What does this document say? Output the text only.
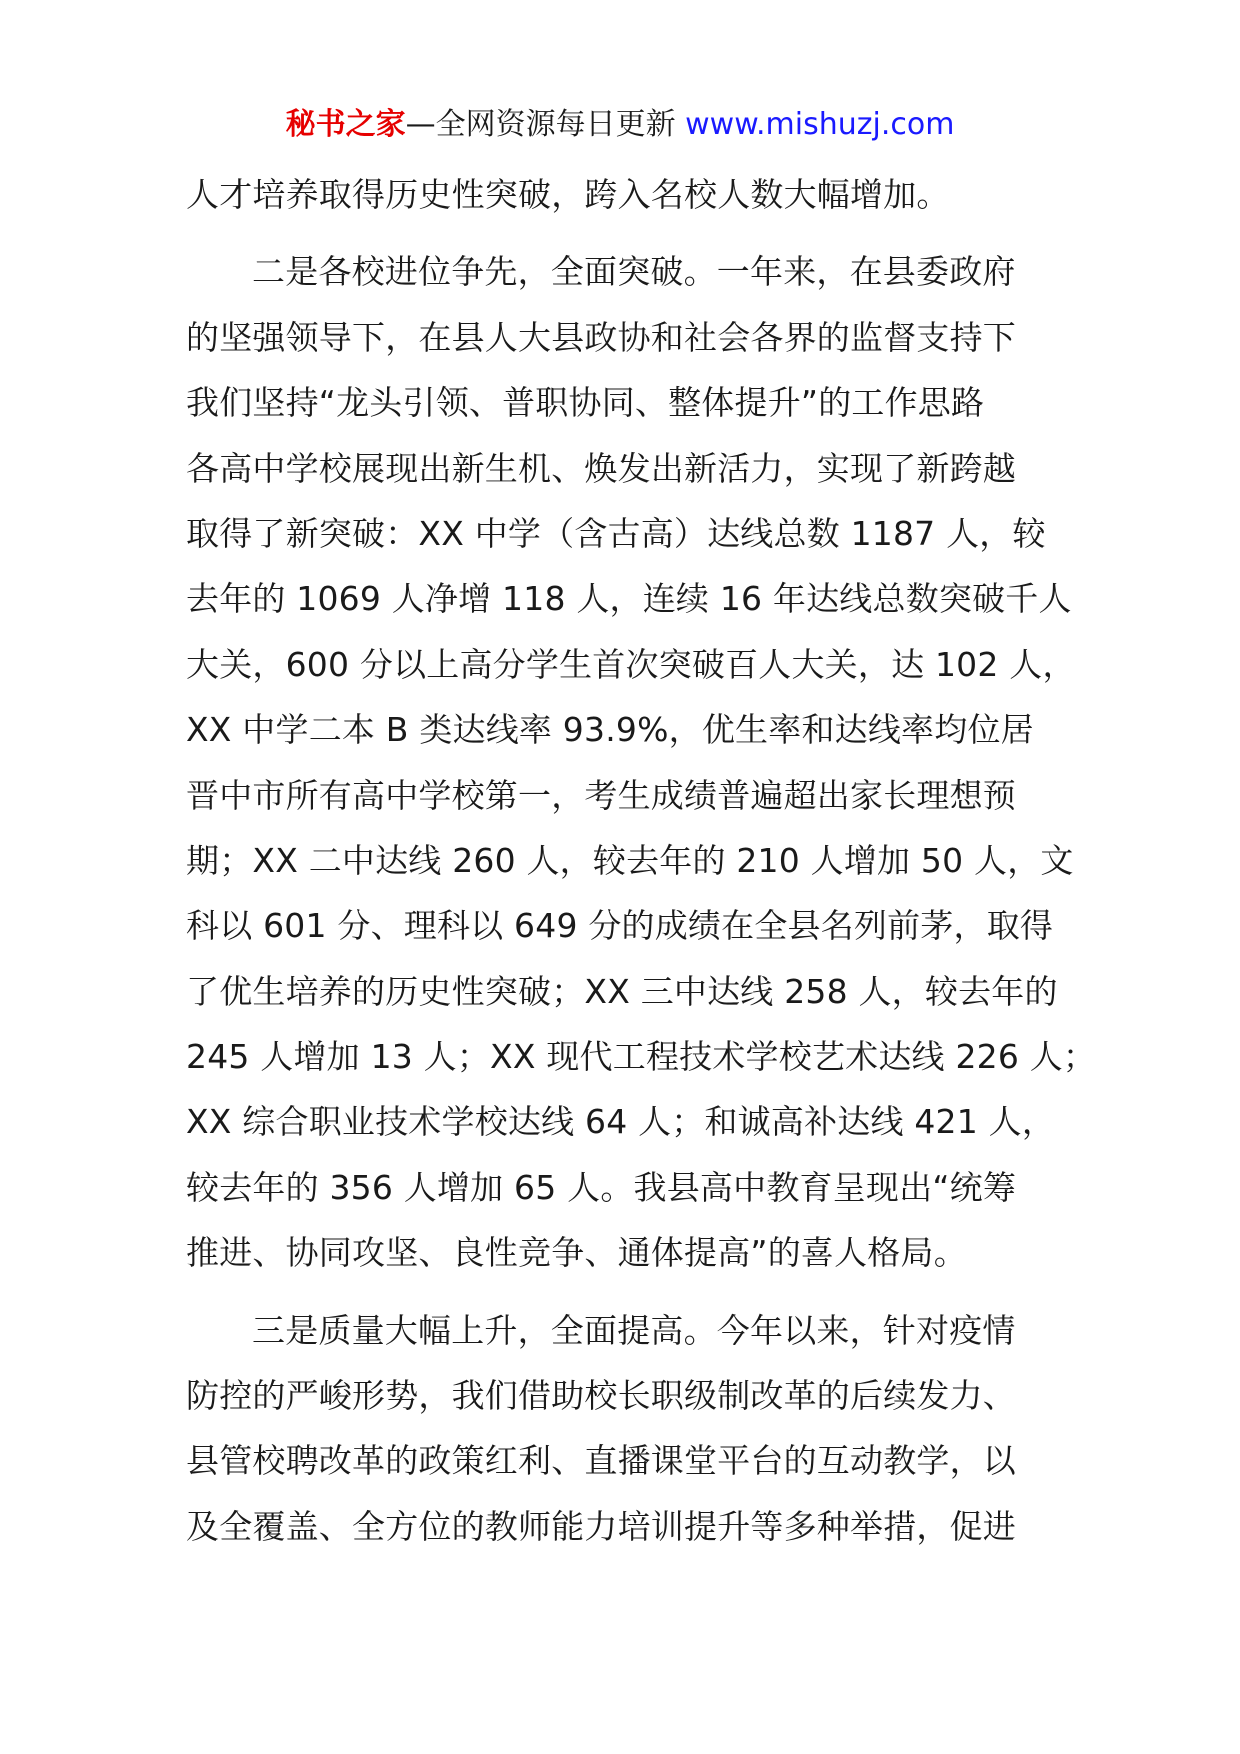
秘书之家—全网资源每日更新 www.mishuzj.com
人才培养取得历史性突破，跨入名校人数大幅增加。
二是各校进位争先，全面突破。一年来，在县委政府
的坚强领导下，在县人大县政协和社会各界的监督支持下
我们坚持“龙头引领、普职协同、整体提升”的工作思路
各高中学校展现出新生机、焕发出新活力，实现了新跨越
取得了新突破：XX 中学（含古高）达线总数 1187 人，较
去年的 1069 人净增 118 人，连续 16 年达线总数突破千人
大关，600 分以上高分学生首次突破百人大关，达 102 人，
XX 中学二本 B 类达线率 93.9%，优生率和达线率均位居
晋中市所有高中学校第一，考生成绩普遍超出家长理想预
期；XX 二中达线 260 人，较去年的 210 人增加 50 人，文
科以 601 分、理科以 649 分的成绩在全县名列前茅，取得
了优生培养的历史性突破；XX 三中达线 258 人，较去年的
245 人增加 13 人；XX 现代工程技术学校艺术达线 226 人；
XX 综合职业技术学校达线 64 人；和诚高补达线 421 人，
较去年的 356 人增加 65 人。我县高中教育呈现出“统筹
推进、协同攻坚、良性竞争、通体提高”的喜人格局。
三是质量大幅上升，全面提高。今年以来，针对疫情
防控的严峻形势，我们借助校长职级制改革的后续发力、
县管校聘改革的政策红利、直播课堂平台的互动教学，以
及全覆盖、全方位的教师能力培训提升等多种举措，促进
